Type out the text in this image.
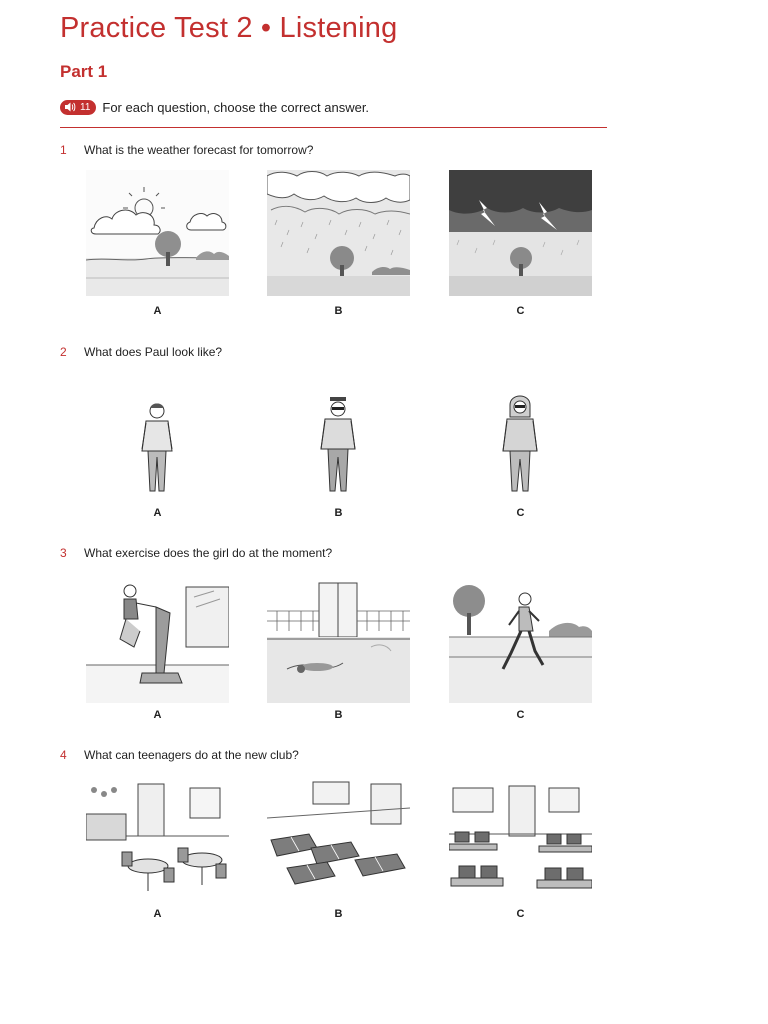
Practice Test 2 • Listening
Part 1
11 For each question, choose the correct answer.
1	What is the weather forecast for tomorrow?
A	B	C
2	What does Paul look like?
A	B	C
3	What exercise does the girl do at the moment?
A	B	C
4	What can teenagers do at the new club?
A	B	C
